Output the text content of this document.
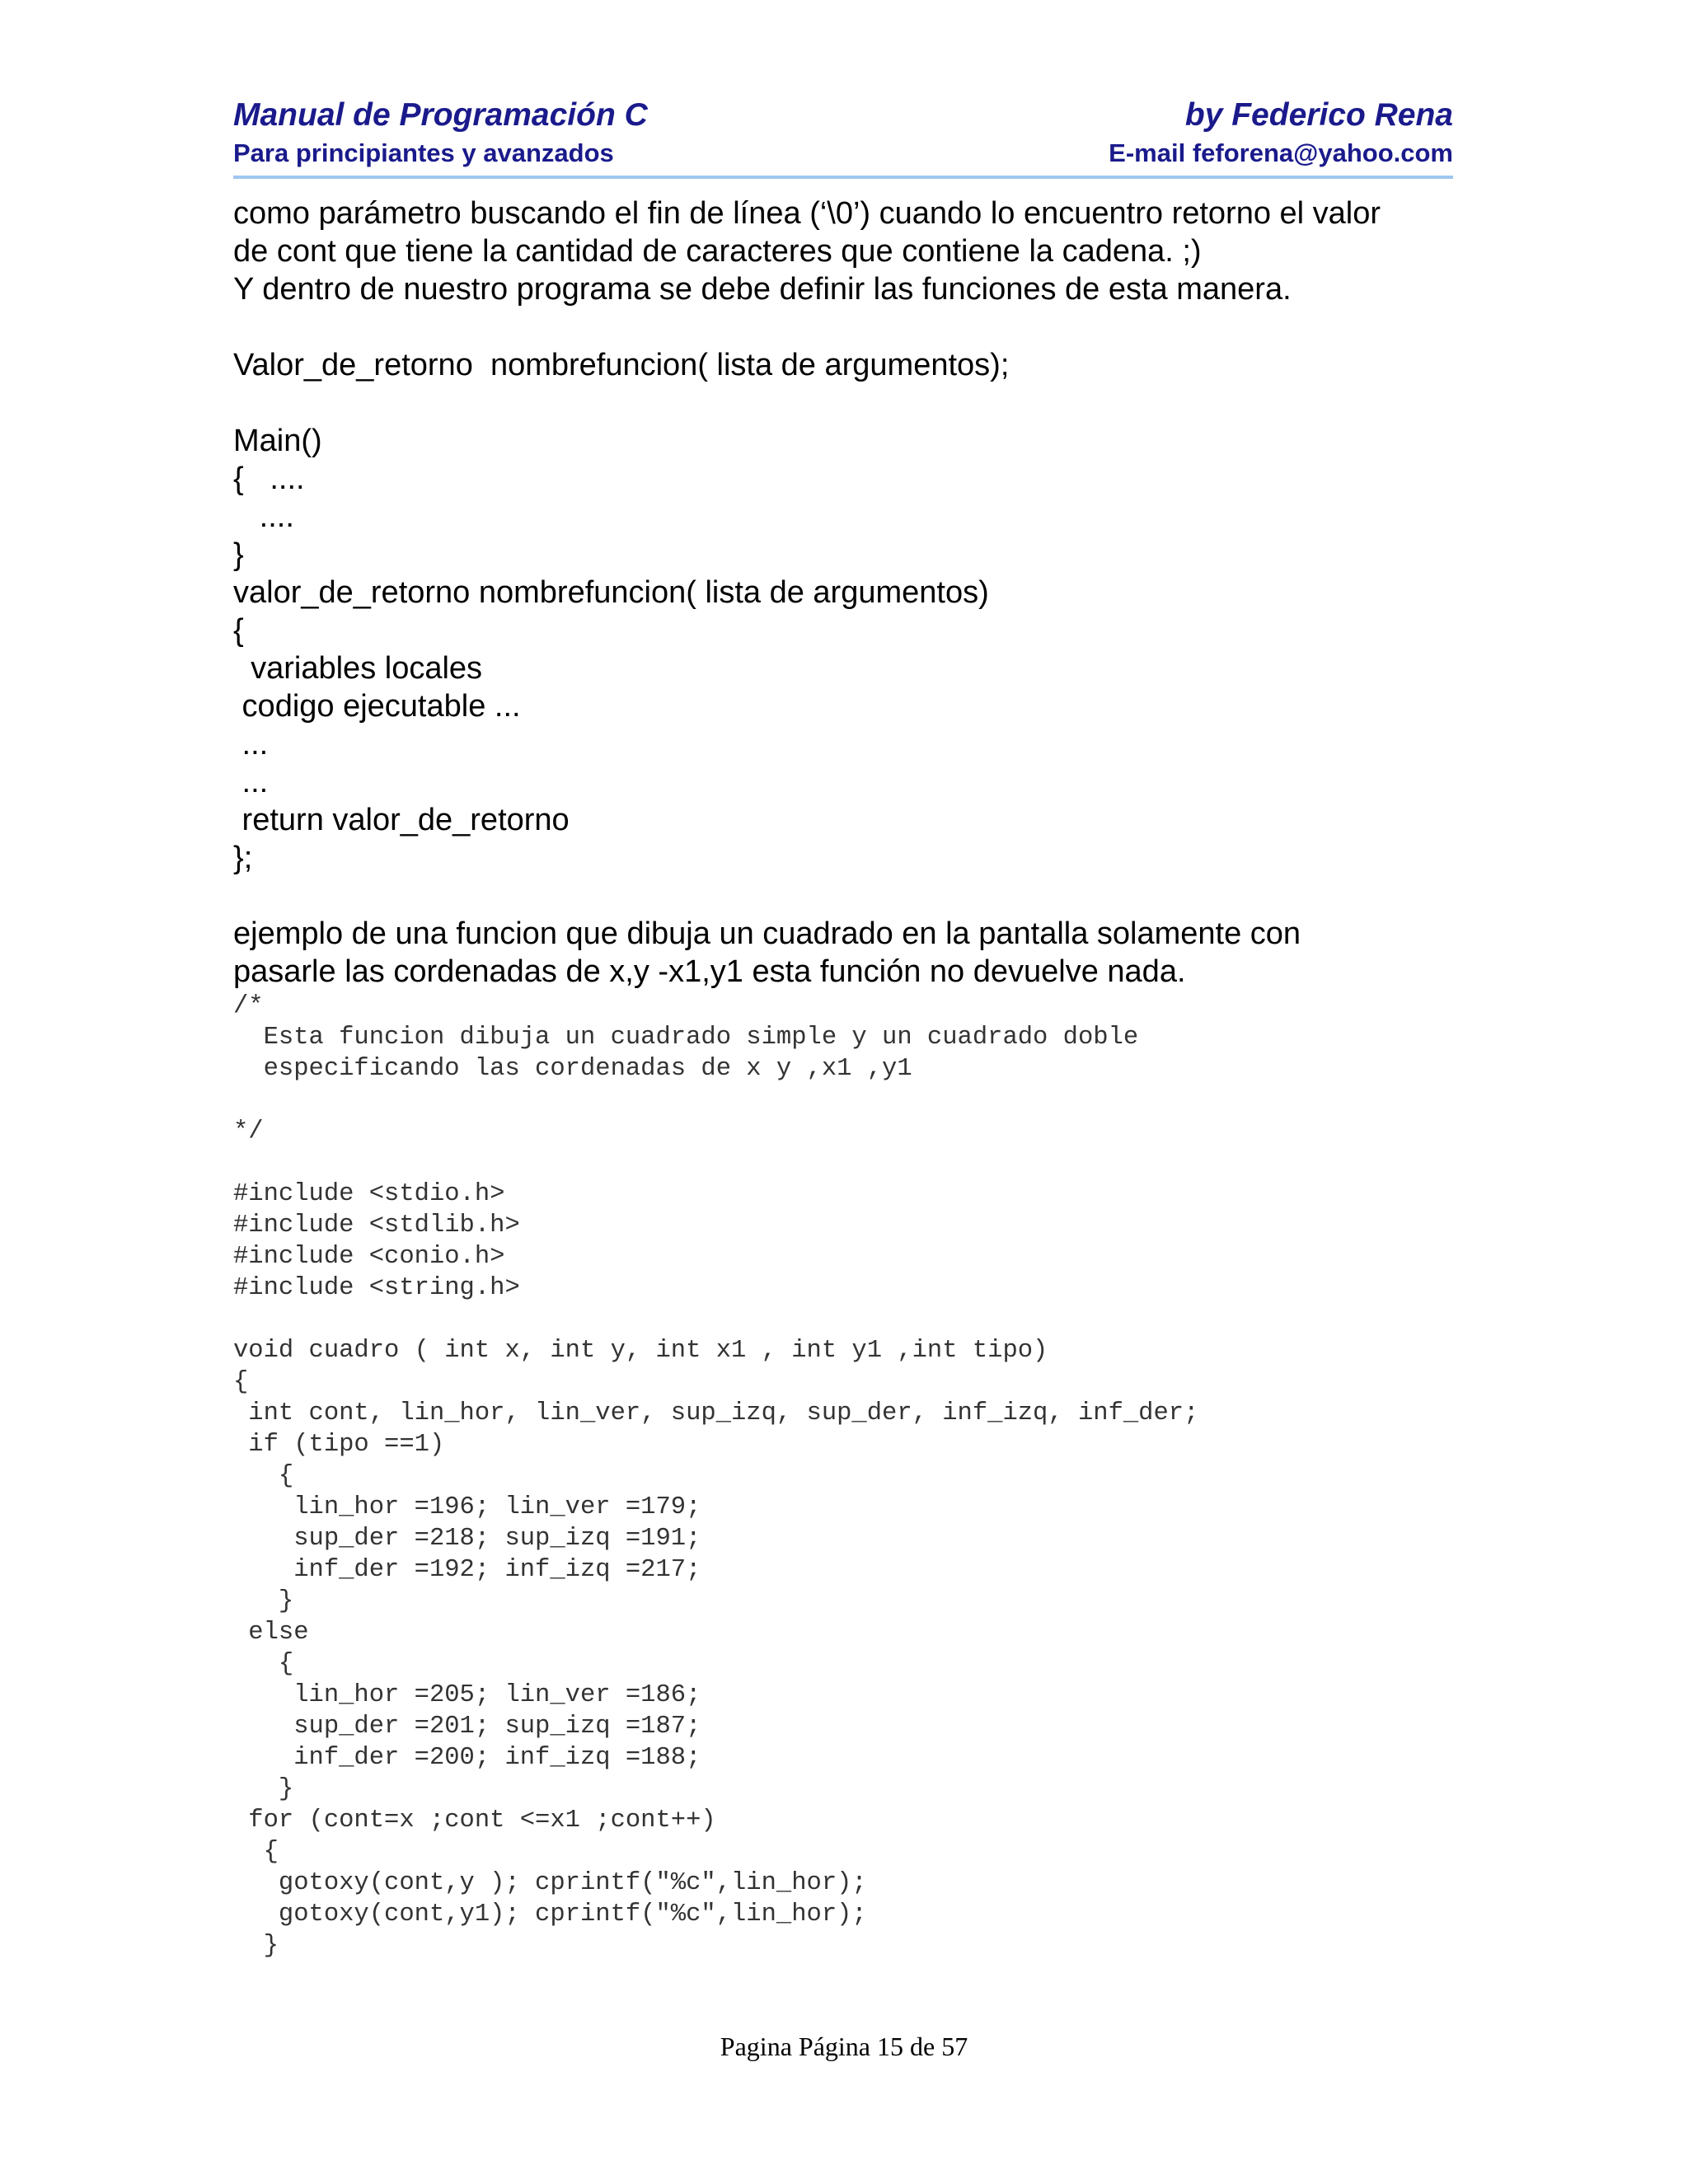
Manual de Programación C	by Federico Rena
Para principiantes y avanzados	E-mail feforena@yahoo.com

como parámetro buscando el fin de línea (‘\0’) cuando lo encuentro retorno el valor

de cont que tiene la cantidad de caracteres que contiene la cadena. ;)

Y dentro de nuestro programa se debe definir las funciones de esta manera.

Valor_de_retorno  nombrefuncion( lista de argumentos);

Main()

{   ....

....

}

valor_de_retorno nombrefuncion( lista de argumentos)

{

variables locales

codigo ejecutable ...

...

...

return valor_de_retorno

};

ejemplo de una funcion que dibuja un cuadrado en la pantalla solamente con

pasarle las cordenadas de x,y -x1,y1 esta función no devuelve nada.

/*

Esta funcion dibuja un cuadrado simple y un cuadrado doble

especificando las cordenadas de x y ,x1 ,y1

*/

#include <stdio.h>

#include <stdlib.h>

#include <conio.h>

#include <string.h>

void cuadro ( int x, int y, int x1 , int y1 ,int tipo)

{

int cont, lin_hor, lin_ver, sup_izq, sup_der, inf_izq, inf_der;

if (tipo ==1)

{

lin_hor =196; lin_ver =179;

sup_der =218; sup_izq =191;

inf_der =192; inf_izq =217;

}

else

{

lin_hor =205; lin_ver =186;

sup_der =201; sup_izq =187;

inf_der =200; inf_izq =188;

}

for (cont=x ;cont <=x1 ;cont++)

{

gotoxy(cont,y ); cprintf("%c",lin_hor);

gotoxy(cont,y1); cprintf("%c",lin_hor);

}

Pagina Página 15 de 57
